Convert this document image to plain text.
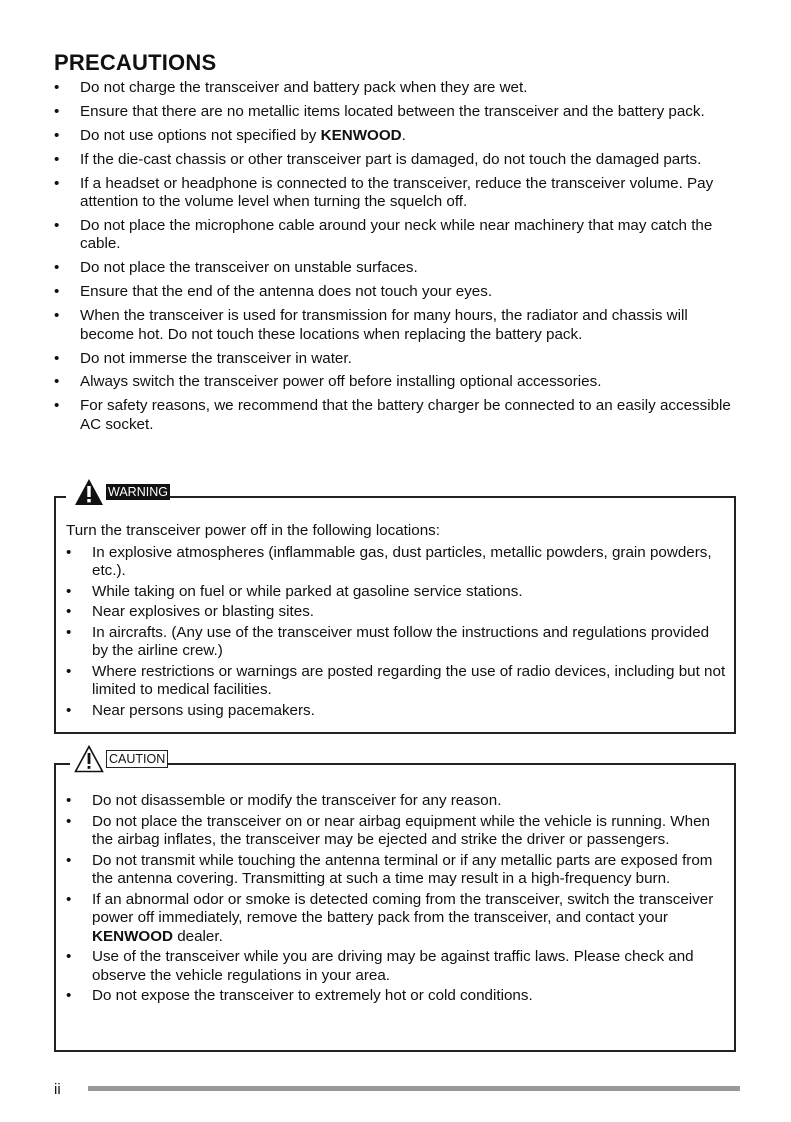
PRECAUTIONS
•	Do not charge the transceiver and battery pack when they are wet.
•	Ensure that there are no metallic items located between the transceiver and the battery pack.
•	Do not use options not specified by KENWOOD.
•	If the die-cast chassis or other transceiver part is damaged, do not touch the damaged parts.
•	If a headset or headphone is connected to the transceiver, reduce the transceiver volume. Pay attention to the volume level when turning the squelch off.
•	Do not place the microphone cable around your neck while near machinery that may catch the cable.
•	Do not place the transceiver on unstable surfaces.
•	Ensure that the end of the antenna does not touch your eyes.
•	When the transceiver is used for transmission for many hours, the radiator and chassis will become hot. Do not touch these locations when replacing the battery pack.
•	Do not immerse the transceiver in water.
•	Always switch the transceiver power off before installing optional accessories.
•	For safety reasons, we recommend that the battery charger be connected to an easily accessible AC socket.
WARNING

Turn the transceiver power off in the following locations:

•	In explosive atmospheres (inflammable gas, dust particles, metallic powders, grain powders, etc.).
•	While taking on fuel or while parked at gasoline service stations.
•	Near explosives or blasting sites.
•	In aircrafts. (Any use of the transceiver must follow the instructions and regulations provided by the airline crew.)
•	Where restrictions or warnings are posted regarding the use of radio devices, including but not limited to medical facilities.
•	Near persons using pacemakers.
CAUTION
•	Do not disassemble or modify the transceiver for any reason.
•	Do not place the transceiver on or near airbag equipment while the vehicle is running. When the airbag inflates, the transceiver may be ejected and strike the driver or passengers.
•	Do not transmit while touching the antenna terminal or if any metallic parts are exposed from the antenna covering. Transmitting at such a time may result in a high-frequency burn.
•	If an abnormal odor or smoke is detected coming from the transceiver, switch the transceiver power off immediately, remove the battery pack from the transceiver, and contact your KENWOOD dealer.
•	Use of the transceiver while you are driving may be against traffic laws. Please check and observe the vehicle regulations in your area.
•	Do not expose the transceiver to extremely hot or cold conditions.
ii
